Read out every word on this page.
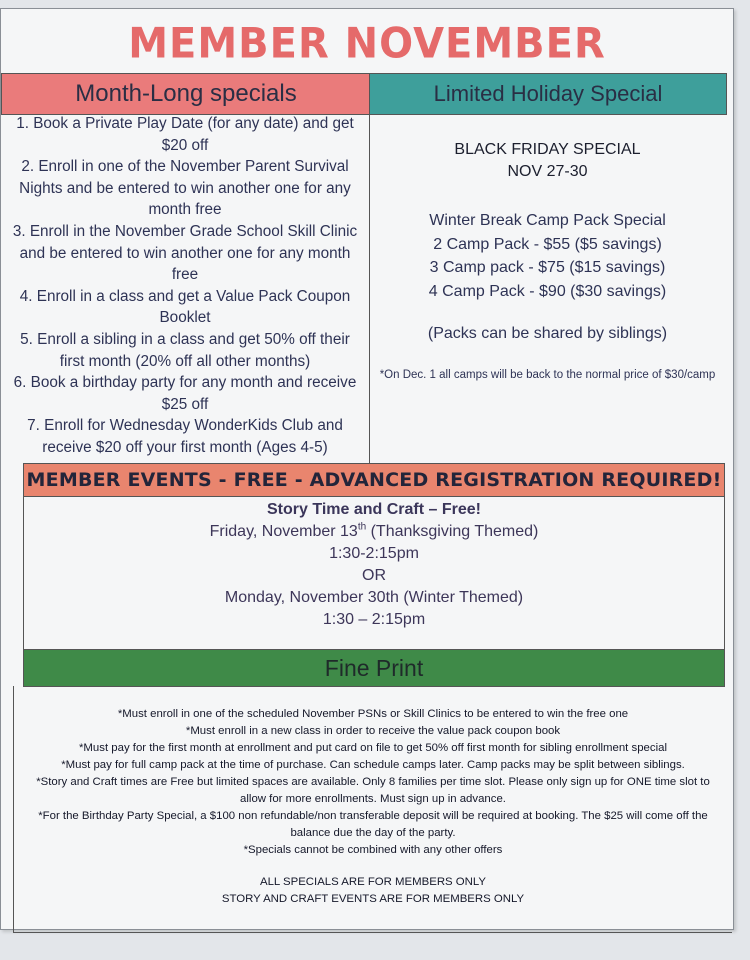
MEMBER NOVEMBER
Month-Long specials	Limited Holiday Special
1. Book a Private Play Date (for any date) and get $20 off
2. Enroll in one of the November Parent Survival Nights and be entered to win another one for any month free
3. Enroll in the November Grade School Skill Clinic and be entered to win another one for any month free
4. Enroll in a class and get a Value Pack Coupon Booklet
5. Enroll a sibling in a class and get 50% off their first month (20% off all other months)
6. Book a birthday party for any month and receive $25 off
7. Enroll for Wednesday WonderKids Club and receive $20 off your first month (Ages 4-5)
BLACK FRIDAY SPECIAL
NOV 27-30
Winter Break Camp Pack Special
2 Camp Pack - $55 ($5 savings)
3 Camp pack - $75 ($15 savings)
4 Camp Pack - $90 ($30 savings)
(Packs can be shared by siblings)
*On Dec. 1 all camps will be back to the normal price of $30/camp
MEMBER EVENTS - FREE - ADVANCED REGISTRATION REQUIRED!
Story Time and Craft – Free!
Friday, November 13th (Thanksgiving Themed)
1:30-2:15pm
OR
Monday, November 30th (Winter Themed)
1:30 – 2:15pm
Fine Print
*Must enroll in one of the scheduled November PSNs or Skill Clinics to be entered to win the free one
*Must enroll in a new class in order to receive the value pack coupon book
*Must pay for the first month at enrollment and put card on file to get 50% off first month for sibling enrollment special
*Must pay for full camp pack at the time of purchase. Can schedule camps later. Camp packs may be split between siblings.
*Story and Craft times are Free but limited spaces are available. Only 8 families per time slot. Please only sign up for ONE time slot to allow for more enrollments. Must sign up in advance.
*For the Birthday Party Special, a $100 non refundable/non transferable deposit will be required at booking. The $25 will come off the balance due the day of the party.
*Specials cannot be combined with any other offers
ALL SPECIALS ARE FOR MEMBERS ONLY
STORY AND CRAFT EVENTS ARE FOR MEMBERS ONLY
